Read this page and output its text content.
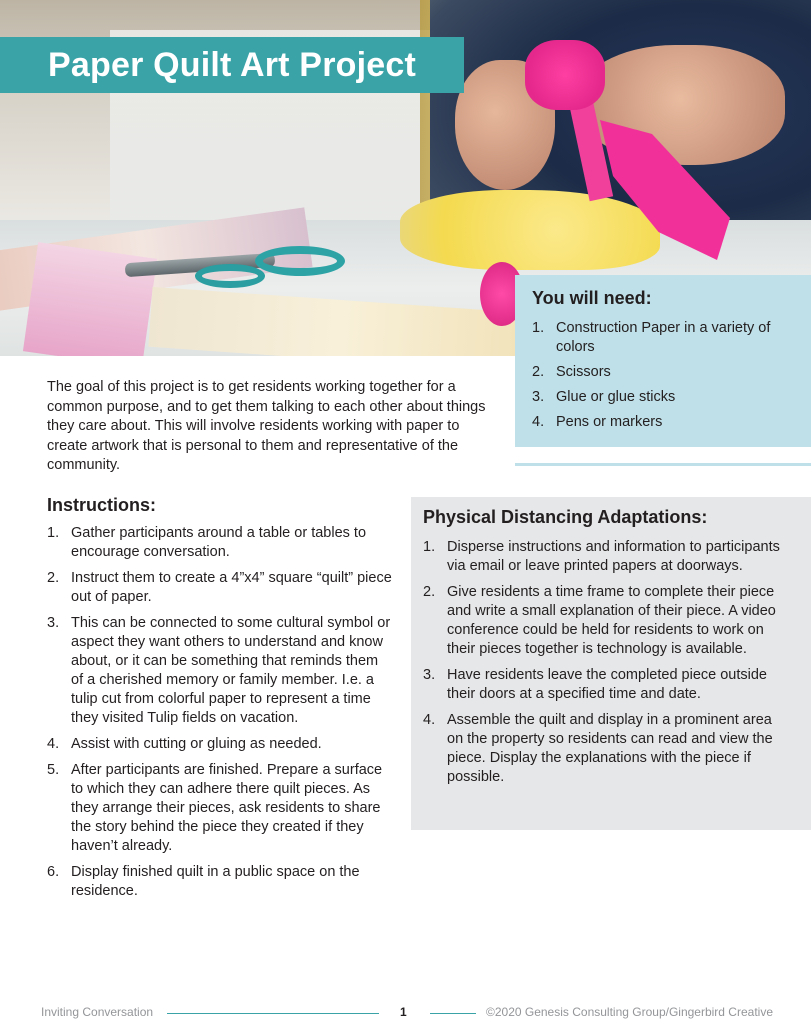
Paper Quilt Art Project
You will need:
1. Construction Paper in a variety of colors
2. Scissors
3. Glue or glue sticks
4. Pens or markers

The goal of this project is to get residents working together for a common purpose, and to get them talking to each other about things they care about. This will involve residents working with paper to create artwork that is personal to them and representative of the community.

Instructions:
1. Gather participants around a table or tables to encourage conversation.
2. Instruct them to create a 4”x4” square “quilt” piece out of paper.
3. This can be connected to some cultural symbol or aspect they want others to understand and know about, or it can be something that reminds them of a cherished memory or family member. I.e. a tulip cut from colorful paper to represent a time they visited Tulip fields on vacation.
4. Assist with cutting or gluing as needed.
5. After participants are finished. Prepare a surface to which they can adhere there quilt pieces. As they arrange their pieces, ask residents to share the story behind the piece they created if they haven’t already.
6. Display finished quilt in a public space on the residence.
Physical Distancing Adaptations:
1. Disperse instructions and information to participants via email or leave printed papers at doorways.
2. Give residents a time frame to complete their piece and write a small explanation of their piece. A video conference could be held for residents to work on their pieces together is technology is available.
3. Have residents leave the completed piece outside their doors at a specified time and date.
4. Assemble the quilt and display in a prominent area on the property so residents can read and view the piece. Display the explanations with the piece if possible.
Inviting Conversation	1	©2020 Genesis Consulting Group/Gingerbird Creative
